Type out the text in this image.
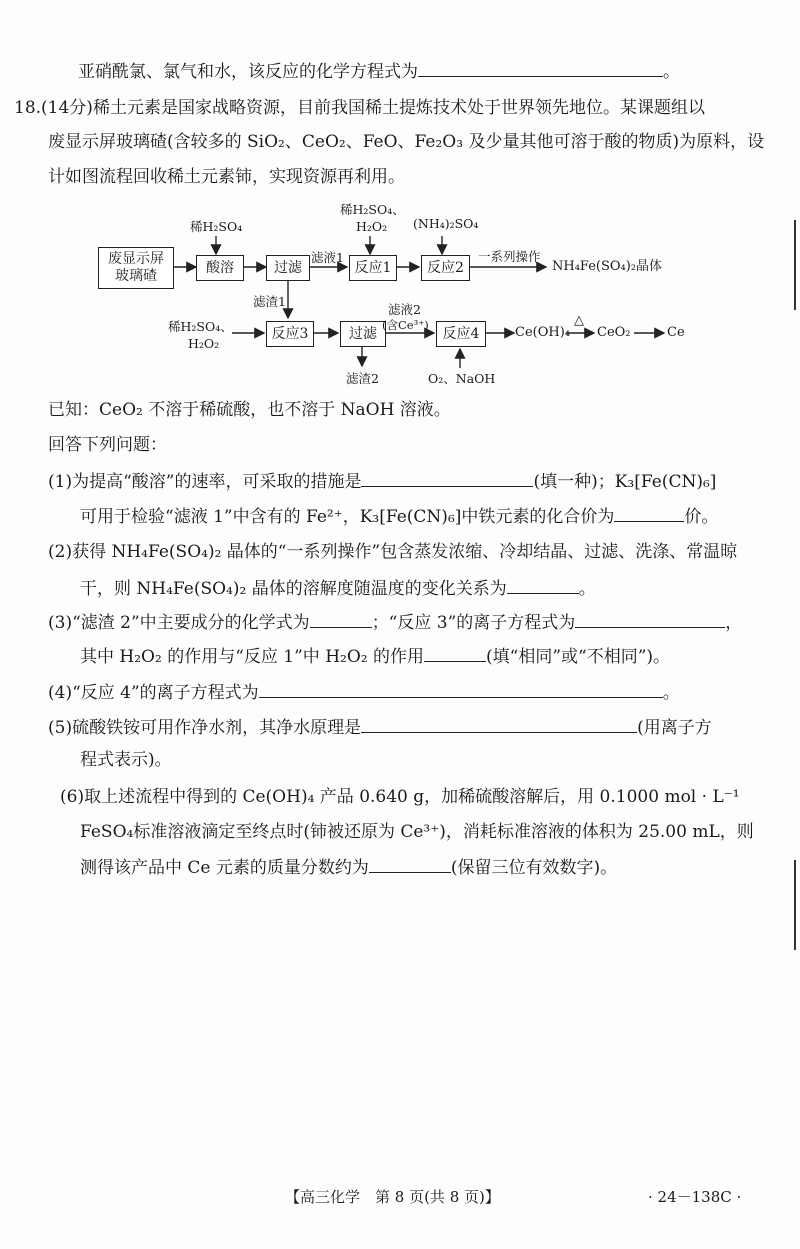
亚硝酰氯、氯气和水，该反应的化学方程式为	。
18.(14分)稀土元素是国家战略资源，目前我国稀土提炼技术处于世界领先地位。某课题组以
废显示屏玻璃碴(含较多的 SiO₂、CeO₂、FeO、Fe₂O₃ 及少量其他可溶于酸的物质)为原料，设
计如图流程回收稀土元素铈，实现资源再利用。
废显示屏
玻璃碴
酸溶	过滤	反应1	反应2
反应3	过滤	反应4
稀H₂SO₄
稀H₂SO₄、
H₂O₂ (NH₄)₂SO₄
滤液1	一系列操作
NH₄Fe(SO₄)₂晶体
滤渣1
稀H₂SO₄、
H₂O₂
滤液2
(含Ce³⁺)
滤渣2	O₂、NaOH
Ce(OH)₄
△
CeO₂	Ce
已知：CeO₂ 不溶于稀硫酸，也不溶于 NaOH 溶液。
回答下列问题：
(1)为提高“酸溶”的速率，可采取的措施是	(填一种)；K₃[Fe(CN)₆]
可用于检验“滤液 1”中含有的 Fe²⁺，K₃[Fe(CN)₆]中铁元素的化合价为	价。
(2)获得 NH₄Fe(SO₄)₂ 晶体的“一系列操作”包含蒸发浓缩、冷却结晶、过滤、洗涤、常温晾
干，则 NH₄Fe(SO₄)₂ 晶体的溶解度随温度的变化关系为	。
(3)“滤渣 2”中主要成分的化学式为	；“反应 3”的离子方程式为	，
其中 H₂O₂ 的作用与“反应 1”中 H₂O₂ 的作用	(填“相同”或“不相同”)。
(4)“反应 4”的离子方程式为	。
(5)硫酸铁铵可用作净水剂，其净水原理是	(用离子方
程式表示)。
(6)取上述流程中得到的 Ce(OH)₄ 产品 0.640 g，加稀硫酸溶解后，用 0.1000 mol · L⁻¹
FeSO₄标准溶液滴定至终点时(铈被还原为 Ce³⁺)，消耗标准溶液的体积为 25.00 mL，则
测得该产品中 Ce 元素的质量分数约为	(保留三位有效数字)。
【高三化学　第 8 页(共 8 页)】	· 24－138C ·
